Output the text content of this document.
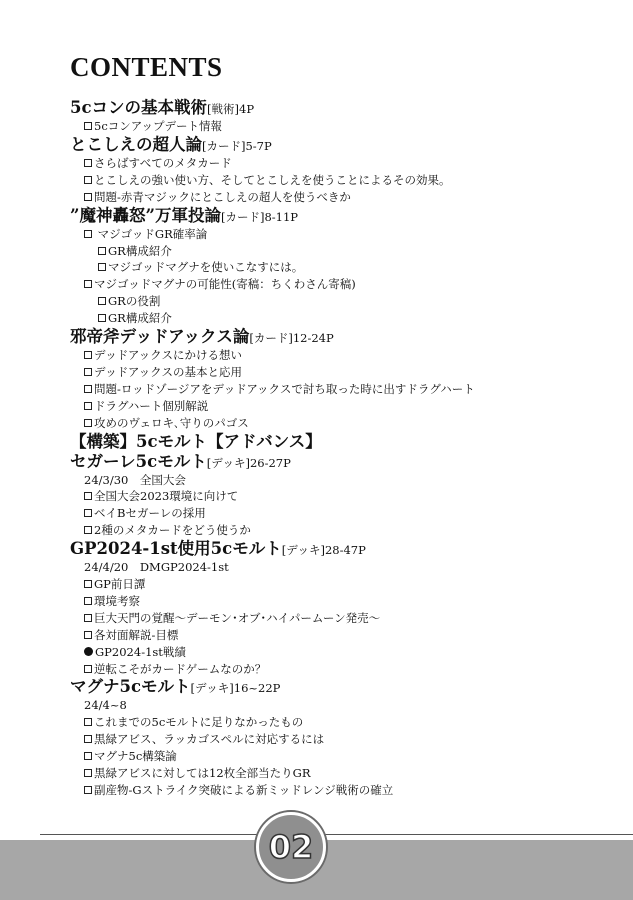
CONTENTS
5cコンの基本戦術[戦術]4P
5cコンアップデート情報
とこしえの超人論[カード]5-7P
さらばすべてのメタカード
とこしえの強い使い方、そしてとこしえを使うことによるその効果。
問題-赤青マジックにとこしえの超人を使うべきか
”魔神轟怒”万軍投論[カード]8-11P
マジゴッドGR確率論
GR構成紹介
マジゴッドマグナを使いこなすには。
マジゴッドマグナの可能性(寄稿：ちくわさん寄稿)
GRの役割
GR構成紹介
邪帝斧デッドアックス論[カード]12-24P
デッドアックスにかける想い
デッドアックスの基本と応用
問題-ロッドゾージアをデッドアックスで討ち取った時に出すドラグハート
ドラグハート個別解説
攻めのヴェロキ､守りのパゴス
【構築】5cモルト【アドバンス】
セガーレ5cモルト[デッキ]26-27P
24/3/30　全国大会
全国大会2023環境に向けて
ベイBセガーレの採用
2種のメタカードをどう使うか
GP2024-1st使用5cモルト[デッキ]28-47P
24/4/20　DMGP2024-1st
GP前日譚
環境考察
巨大天門の覚醒～デーモン･オブ･ハイパームーン発売～
各対面解説-目標
GP2024-1st戦績
逆転こそがカードゲームなのか？
マグナ5cモルト[デッキ]16~22P
24/4~8
これまでの5cモルトに足りなかったもの
黒緑アビス、ラッカゴスペルに対応するには
マグナ5c構築論
黒緑アビスに対しては12枚全部当たりGR
副産物-Gストライク突破による新ミッドレンジ戦術の確立
02
